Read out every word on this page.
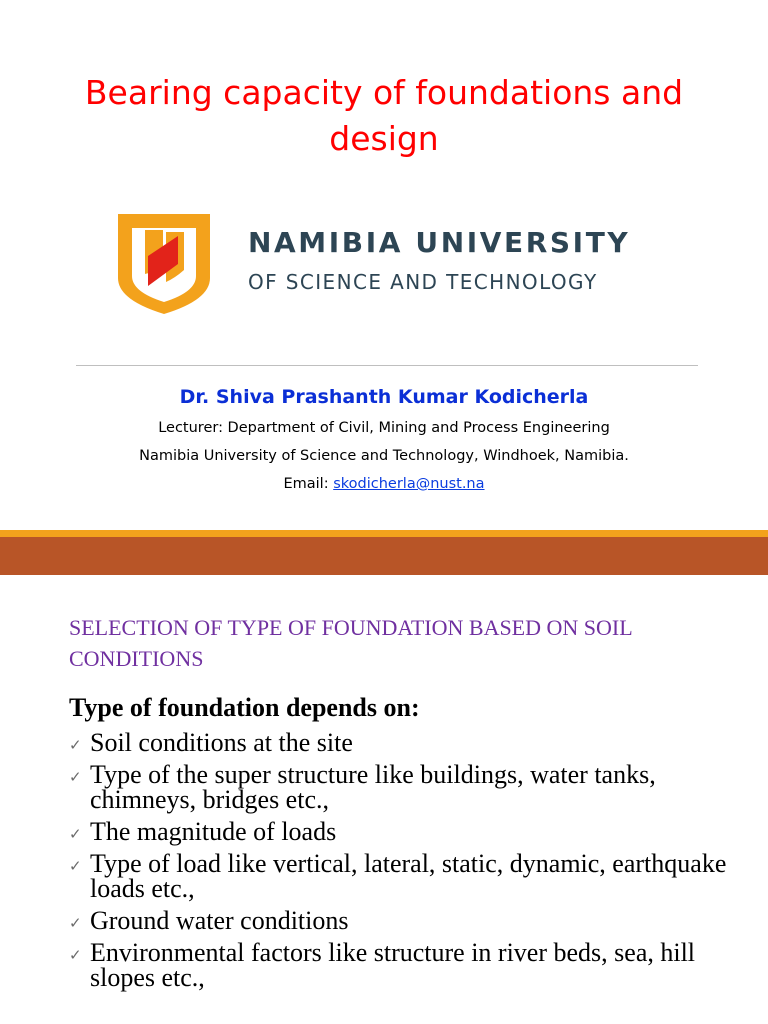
Bearing capacity of foundations and design
NAMIBIA UNIVERSITY
OF SCIENCE AND TECHNOLOGY
Dr. Shiva Prashanth Kumar Kodicherla
Lecturer: Department of Civil, Mining and Process Engineering
Namibia University of Science and Technology, Windhoek, Namibia.
Email: skodicherla@nust.na
SELECTION OF TYPE OF FOUNDATION BASED ON SOIL CONDITIONS
Type of foundation depends on:
✓ Soil conditions at the site
✓ Type of the super structure like buildings, water tanks, chimneys, bridges etc.,
✓ The magnitude of loads
✓ Type of load like vertical, lateral, static, dynamic, earthquake loads etc.,
✓ Ground water conditions
✓ Environmental factors like structure in river beds, sea, hill slopes etc.,
